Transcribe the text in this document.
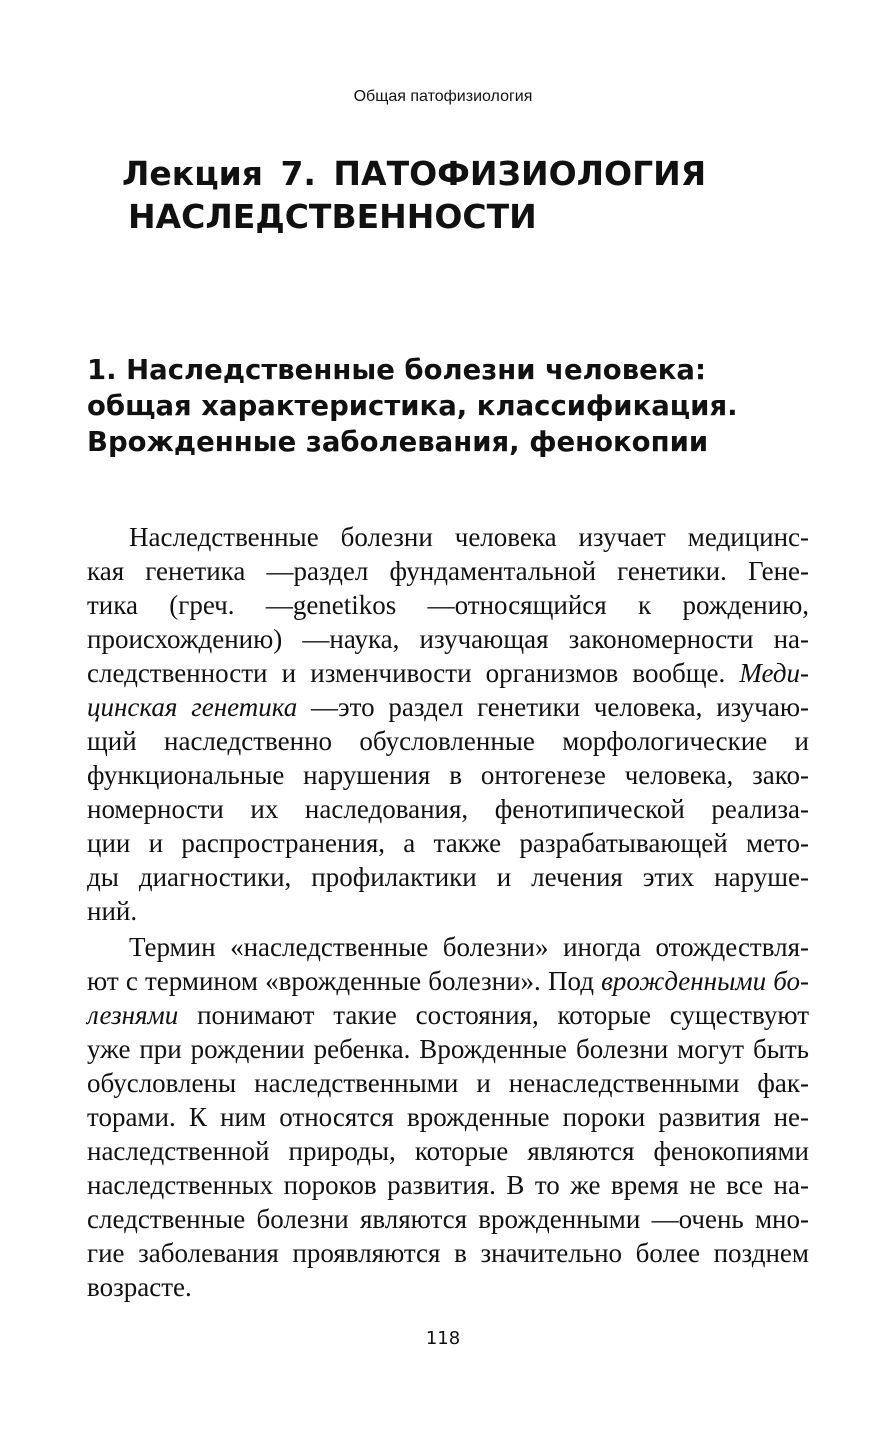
Общая патофизиология
Лекция 7. ПАТОФИЗИОЛОГИЯ
НАСЛЕДСТВЕННОСТИ
1. Наследственные болезни человека:
общая характеристика, классификация.
Врожденные заболевания, фенокопии
Наследственные болезни человека изучает медицинс-
кая генетика —раздел фундаментальной генетики. Гене-
тика (греч. —genetikos —относящийся к рождению,
происхождению) —наука, изучающая закономерности на-
следственности и изменчивости организмов вообще. Меди-
цинская генетика —это раздел генетики человека, изучаю-
щий наследственно обусловленные морфологические и
функциональные нарушения в онтогенезе человека, зако-
номерности их наследования, фенотипической реализа-
ции и распространения, а также разрабатывающей мето-
ды диагностики, профилактики и лечения этих наруше-
ний.
Термин «наследственные болезни» иногда отождествля-
ют с термином «врожденные болезни». Под врожденными бо-
лезнями понимают такие состояния, которые существуют
уже при рождении ребенка. Врожденные болезни могут быть
обусловлены наследственными и ненаследственными фак-
торами. К ним относятся врожденные пороки развития не-
наследственной природы, которые являются фенокопиями
наследственных пороков развития. В то же время не все на-
следственные болезни являются врожденными —очень мно-
гие заболевания проявляются в значительно более позднем
возрасте.
118
